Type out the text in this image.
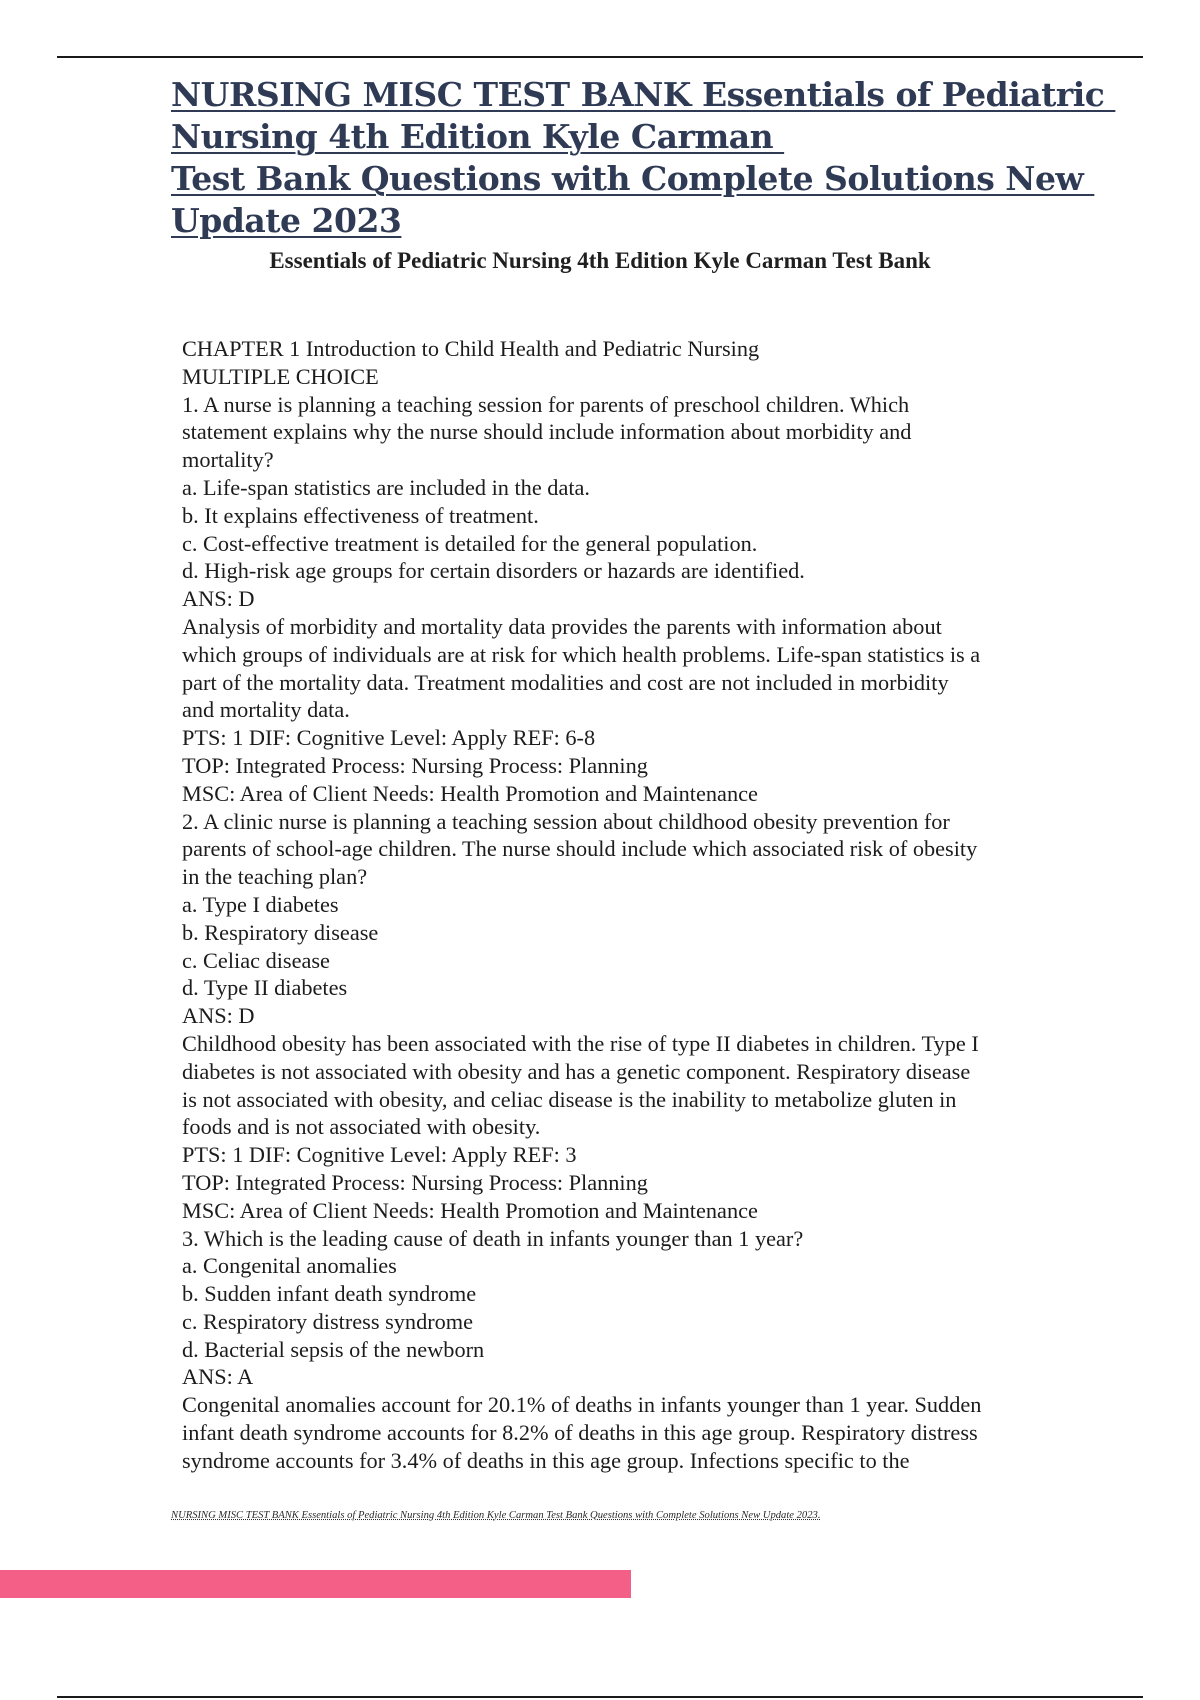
NURSING MISC TEST BANK Essentials of Pediatric
Nursing 4th Edition Kyle Carman
Test Bank Questions with Complete Solutions New
Update 2023
Essentials of Pediatric Nursing 4th Edition Kyle Carman Test Bank
CHAPTER 1 Introduction to Child Health and Pediatric Nursing
MULTIPLE CHOICE
1. A nurse is planning a teaching session for parents of preschool children. Which
statement explains why the nurse should include information about morbidity and
mortality?
a. Life-span statistics are included in the data.
b. It explains effectiveness of treatment.
c. Cost-effective treatment is detailed for the general population.
d. High-risk age groups for certain disorders or hazards are identified.
ANS: D
Analysis of morbidity and mortality data provides the parents with information about
which groups of individuals are at risk for which health problems. Life-span statistics is a
part of the mortality data. Treatment modalities and cost are not included in morbidity
and mortality data.
PTS: 1 DIF: Cognitive Level: Apply REF: 6-8
TOP: Integrated Process: Nursing Process: Planning
MSC: Area of Client Needs: Health Promotion and Maintenance
2. A clinic nurse is planning a teaching session about childhood obesity prevention for
parents of school-age children. The nurse should include which associated risk of obesity
in the teaching plan?
a. Type I diabetes
b. Respiratory disease
c. Celiac disease
d. Type II diabetes
ANS: D
Childhood obesity has been associated with the rise of type II diabetes in children. Type I
diabetes is not associated with obesity and has a genetic component. Respiratory disease
is not associated with obesity, and celiac disease is the inability to metabolize gluten in
foods and is not associated with obesity.
PTS: 1 DIF: Cognitive Level: Apply REF: 3
TOP: Integrated Process: Nursing Process: Planning
MSC: Area of Client Needs: Health Promotion and Maintenance
3. Which is the leading cause of death in infants younger than 1 year?
a. Congenital anomalies
b. Sudden infant death syndrome
c. Respiratory distress syndrome
d. Bacterial sepsis of the newborn
ANS: A
Congenital anomalies account for 20.1% of deaths in infants younger than 1 year. Sudden
infant death syndrome accounts for 8.2% of deaths in this age group. Respiratory distress
syndrome accounts for 3.4% of deaths in this age group. Infections specific to the
NURSING MISC TEST BANK Essentials of Pediatric Nursing 4th Edition Kyle Carman Test Bank Questions with Complete Solutions New Update 2023.
